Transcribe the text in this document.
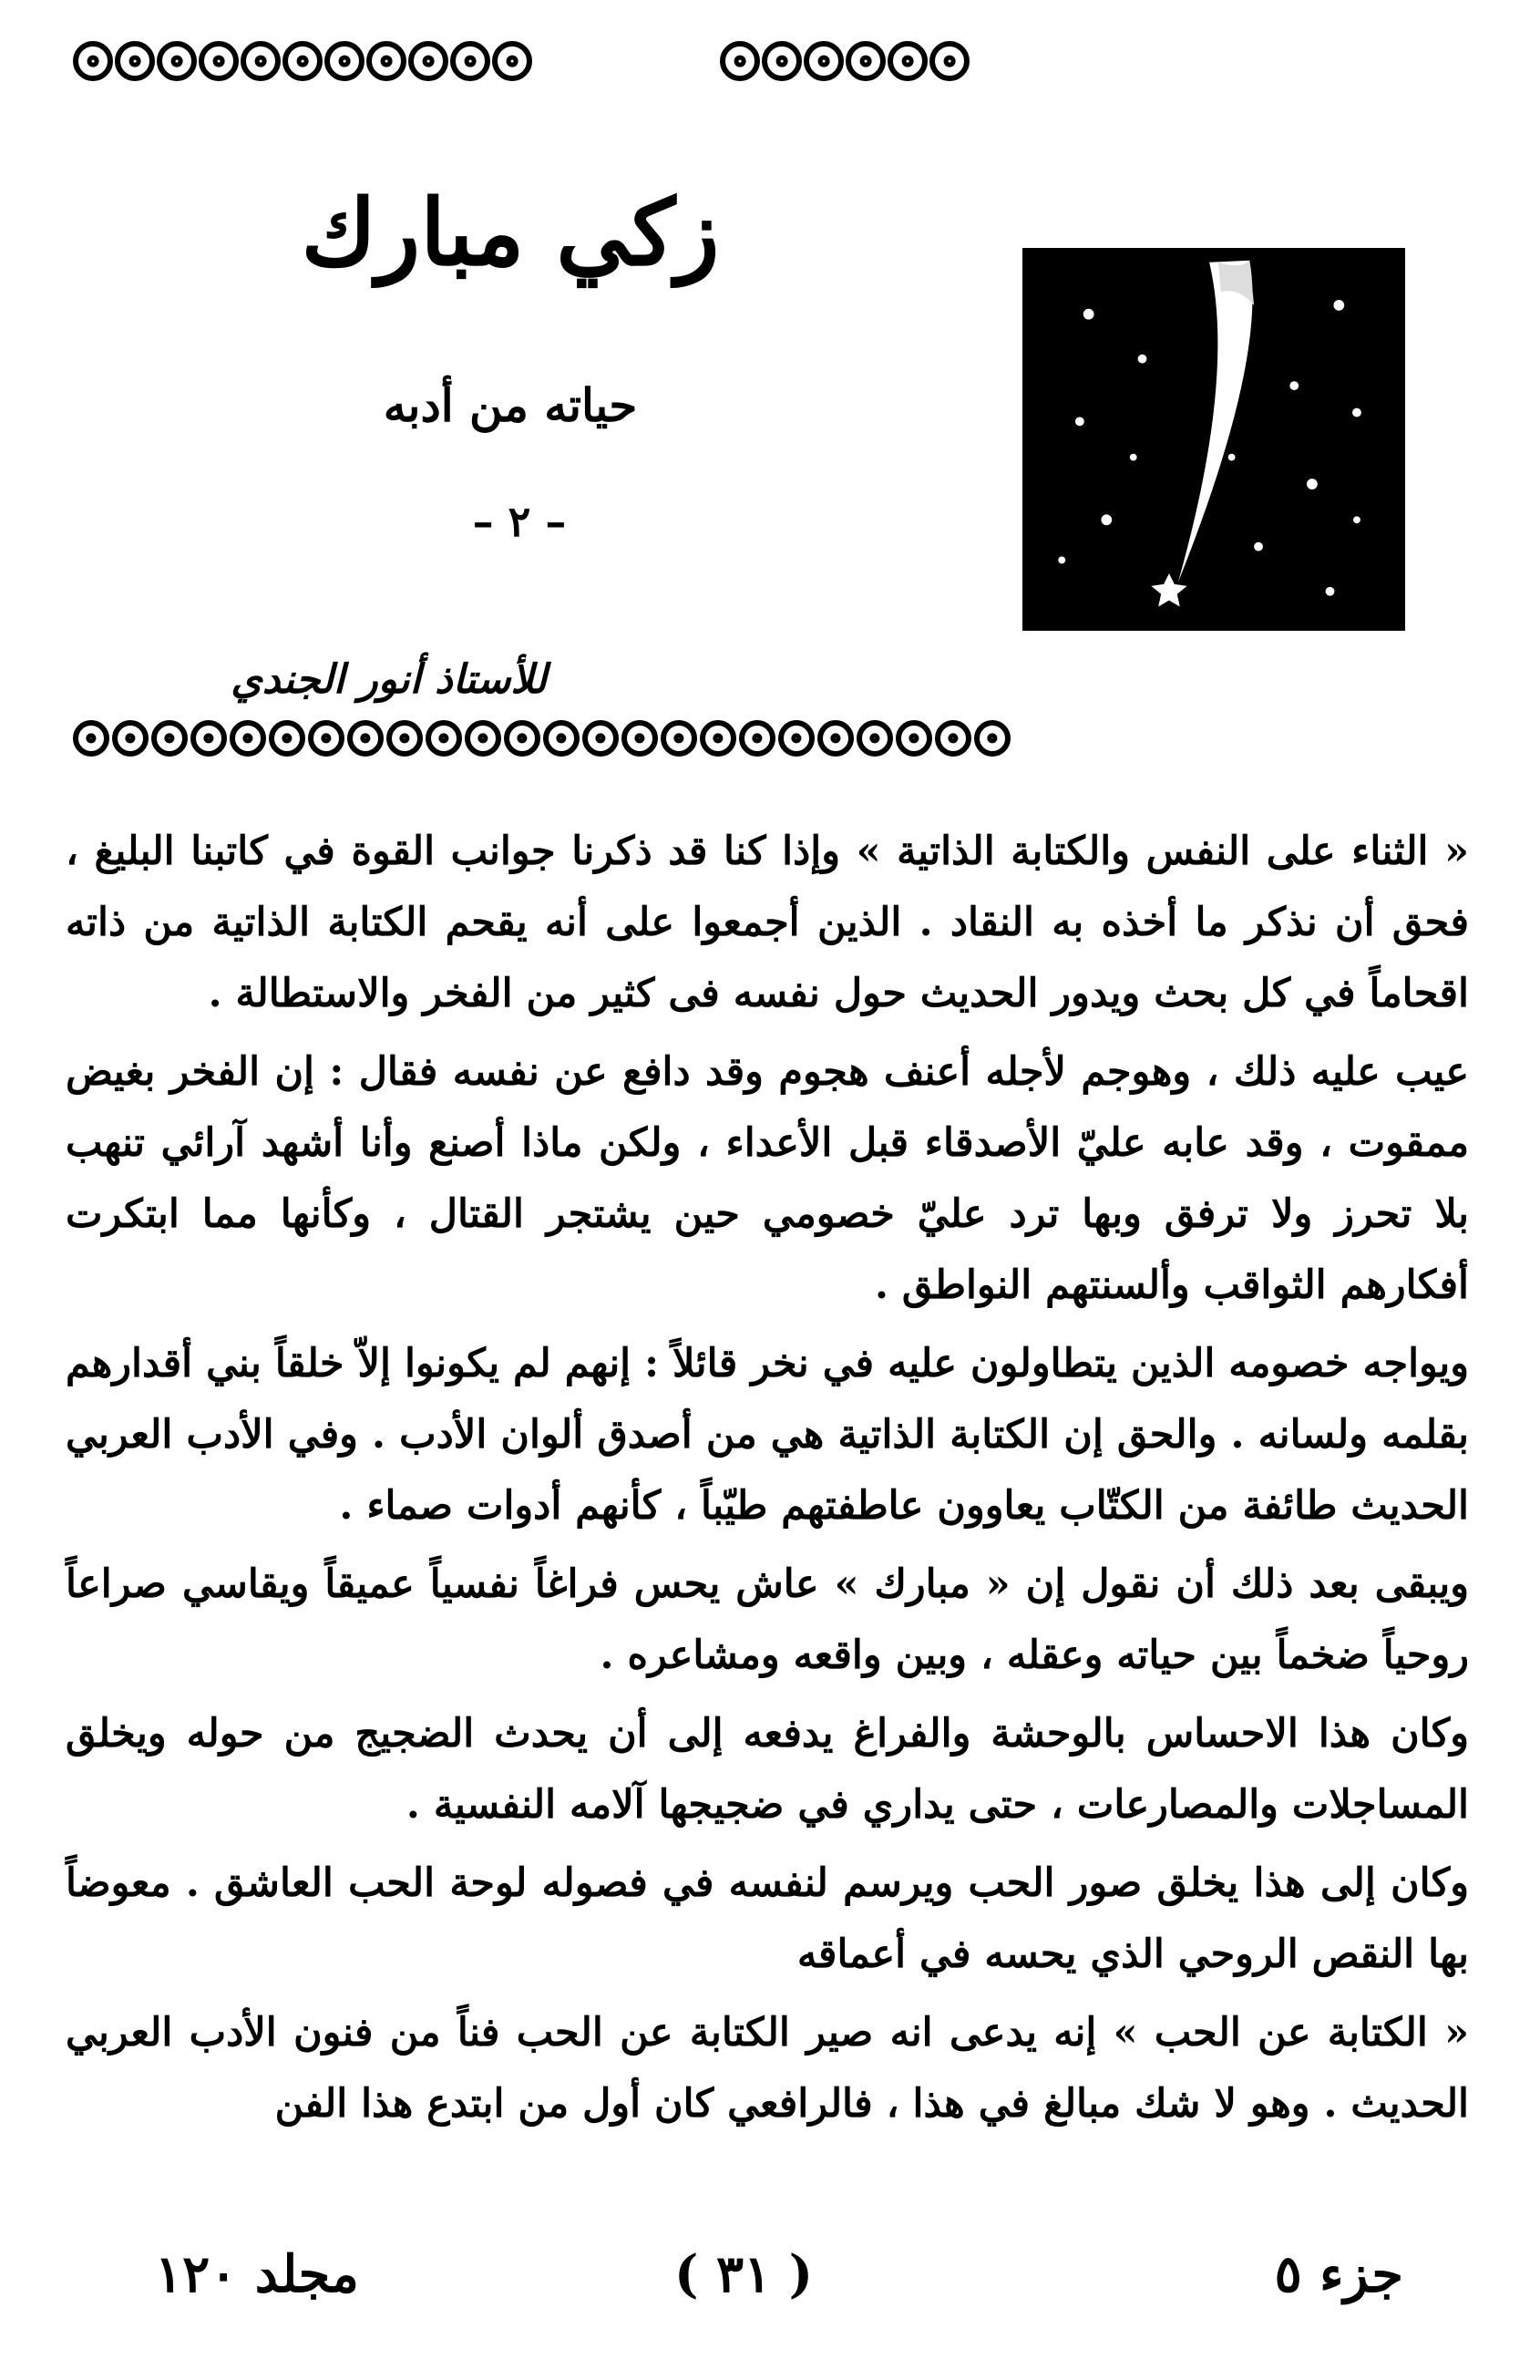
زكي مبارك
حياته من أدبه
– ٢ –
للأستاذ أنور الجندي

« الثناء على النفس والكتابة الذاتية » وإذا كنا قد ذكرنا جوانب القوة في كاتبنا البليغ ، فحق أن نذكر ما أخذه به النقاد . الذين أجمعوا على أنه يقحم الكتابة الذاتية من ذاته اقحاماً في كل بحث ويدور الحديث حول نفسه فى كثير من الفخر والاستطالة .

عيب عليه ذلك ، وهوجم لأجله أعنف هجوم وقد دافع عن نفسه فقال : إن الفخر بغيض ممقوت ، وقد عابه عليّ الأصدقاء قبل الأعداء ، ولكن ماذا أصنع وأنا أشهد آرائي تنهب بلا تحرز ولا ترفق وبها ترد عليّ خصومي حين يشتجر القتال ، وكأنها مما ابتكرت أفكارهم الثواقب وألسنتهم النواطق .

ويواجه خصومه الذين يتطاولون عليه في نخر قائلاً : إنهم لم يكونوا إلاّ خلقاً بني أقدارهم بقلمه ولسانه . والحق إن الكتابة الذاتية هي من أصدق ألوان الأدب . وفي الأدب العربي الحديث طائفة من الكتّاب يعاوون عاطفتهم طيّباً ، كأنهم أدوات صماء .

ويبقى بعد ذلك أن نقول إن « مبارك » عاش يحس فراغاً نفسياً عميقاً ويقاسي صراعاً روحياً ضخماً بين حياته وعقله ، وبين واقعه ومشاعره .

وكان هذا الاحساس بالوحشة والفراغ يدفعه إلى أن يحدث الضجيج من حوله ويخلق المساجلات والمصارعات ، حتى يداري في ضجيجها آلامه النفسية .

وكان إلى هذا يخلق صور الحب ويرسم لنفسه في فصوله لوحة الحب العاشق . معوضاً بها النقص الروحي الذي يحسه في أعماقه

« الكتابة عن الحب » إنه يدعى انه صير الكتابة عن الحب فناً من فنون الأدب العربي الحديث . وهو لا شك مبالغ في هذا ، فالرافعي كان أول من ابتدع هذا الفن

مجلد ١٢٠	( ٣١ )	جزء ٥
